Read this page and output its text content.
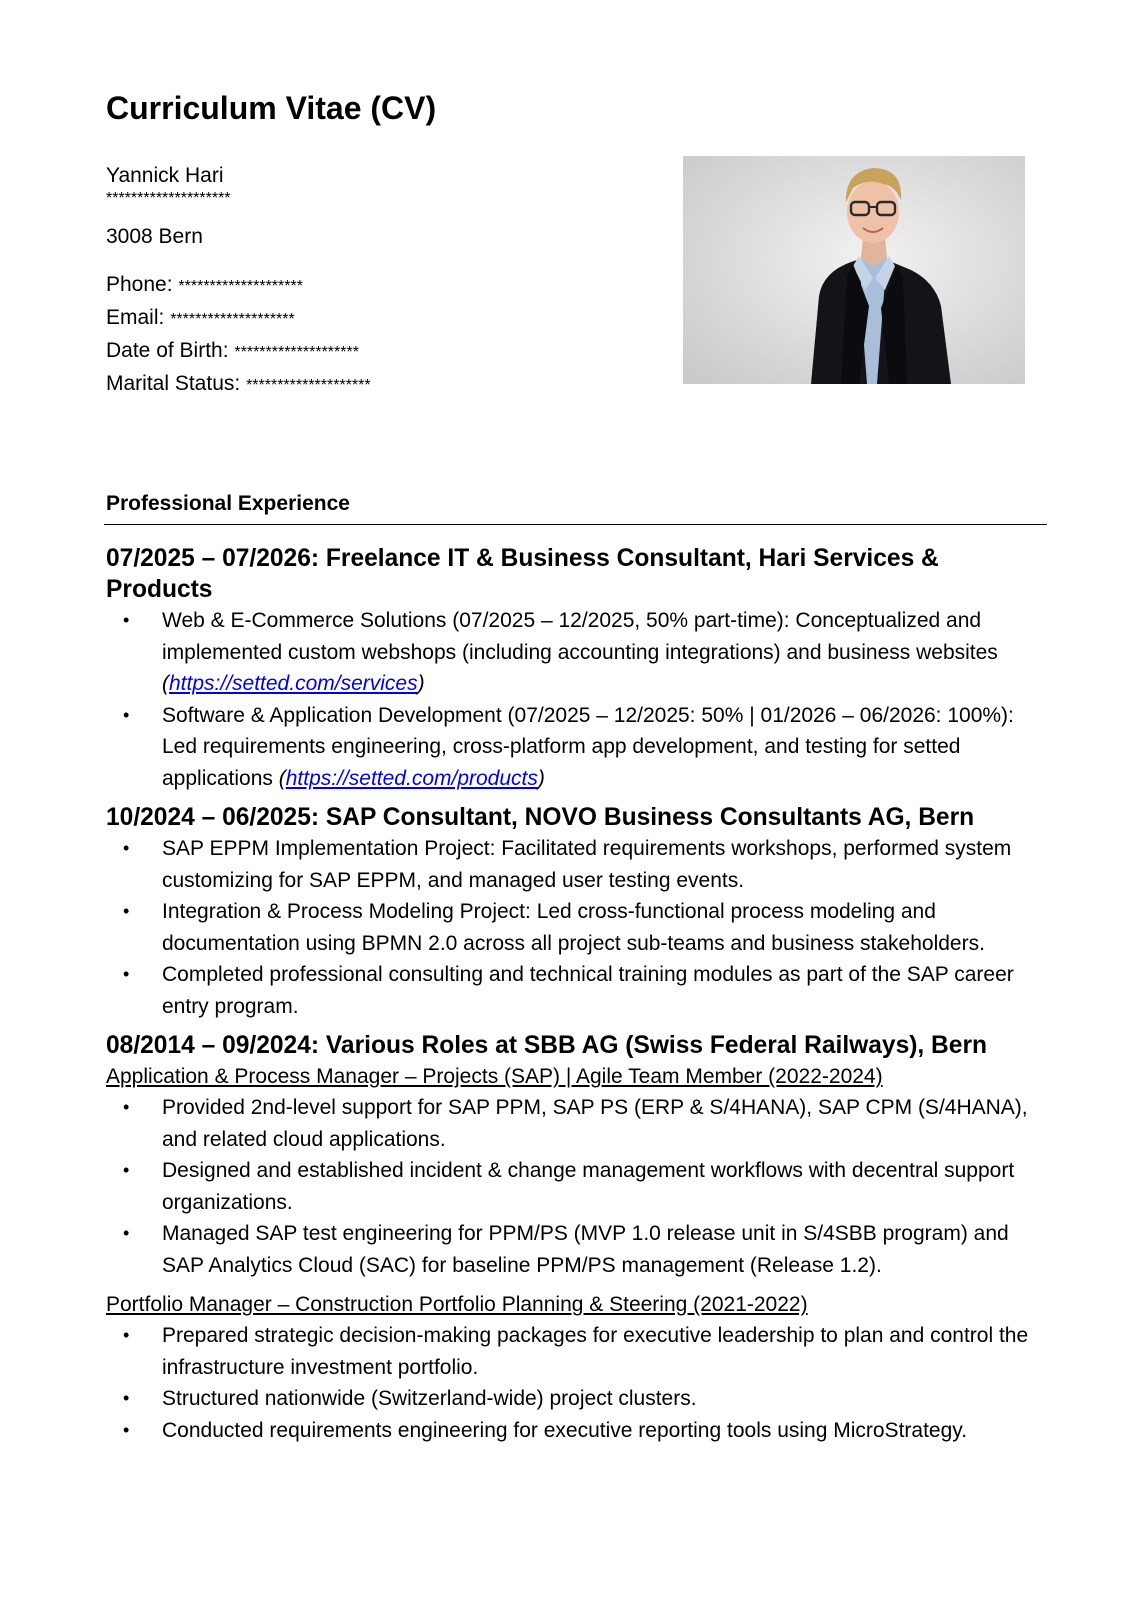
Curriculum Vitae (CV)
Yannick Hari
********************
3008 Bern
Phone: ********************
Email: ********************
Date of Birth: ********************
Marital Status: ********************
Professional Experience
07/2025 – 07/2026: Freelance IT & Business Consultant, Hari Services & Products
• Web & E-Commerce Solutions (07/2025 – 12/2025, 50% part-time): Conceptualized and implemented custom webshops (including accounting integrations) and business websites (https://setted.com/services)
• Software & Application Development (07/2025 – 12/2025: 50% | 01/2026 – 06/2026: 100%): Led requirements engineering, cross-platform app development, and testing for setted applications (https://setted.com/products)
10/2024 – 06/2025: SAP Consultant, NOVO Business Consultants AG, Bern
• SAP EPPM Implementation Project: Facilitated requirements workshops, performed system customizing for SAP EPPM, and managed user testing events.
• Integration & Process Modeling Project: Led cross-functional process modeling and documentation using BPMN 2.0 across all project sub-teams and business stakeholders.
• Completed professional consulting and technical training modules as part of the SAP career entry program.
08/2014 – 09/2024: Various Roles at SBB AG (Swiss Federal Railways), Bern

Application & Process Manager – Projects (SAP) | Agile Team Member (2022-2024)

• Provided 2nd-level support for SAP PPM, SAP PS (ERP & S/4HANA), SAP CPM (S/4HANA), and related cloud applications.
• Designed and established incident & change management workflows with decentral support organizations.
• Managed SAP test engineering for PPM/PS (MVP 1.0 release unit in S/4SBB program) and SAP Analytics Cloud (SAC) for baseline PPM/PS management (Release 1.2).

Portfolio Manager – Construction Portfolio Planning & Steering (2021-2022)

• Prepared strategic decision-making packages for executive leadership to plan and control the infrastructure investment portfolio.
• Structured nationwide (Switzerland-wide) project clusters.
• Conducted requirements engineering for executive reporting tools using MicroStrategy.
